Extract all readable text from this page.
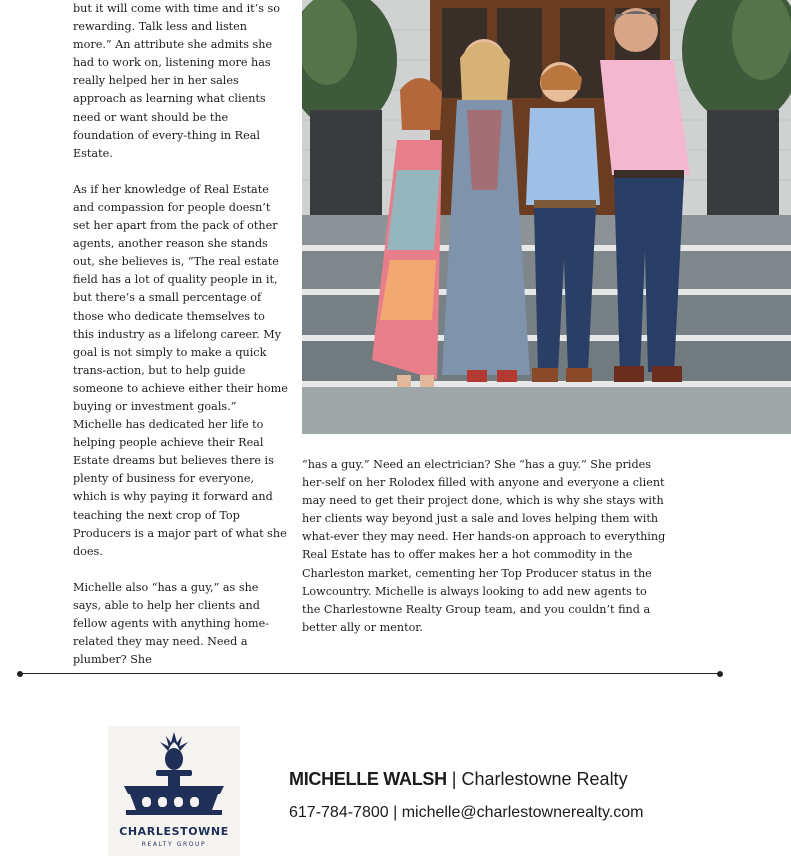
but it will come with time and it’s so rewarding. Talk less and listen more.” An attribute she admits she had to work on, listening more has really helped her in her sales approach as learning what clients need or want should be the foundation of every-thing in Real Estate.

As if her knowledge of Real Estate and compassion for people doesn’t set her apart from the pack of other agents, another reason she stands out, she believes is, “The real estate field has a lot of quality people in it, but there’s a small percentage of those who dedicate themselves to this industry as a lifelong career. My goal is not simply to make a quick trans-action, but to help guide someone to achieve either their home buying or investment goals.” Michelle has dedicated her life to helping people achieve their Real Estate dreams but believes there is plenty of business for everyone, which is why paying it forward and teaching the next crop of Top Producers is a major part of what she does.

Michelle also “has a guy,” as she says, able to help her clients and fellow agents with anything home-related they may need. Need a plumber? She

“has a guy.” Need an electrician? She “has a guy.” She prides her-self on her Rolodex filled with anyone and everyone a client may need to get their project done, which is why she stays with her clients way beyond just a sale and loves helping them with what-ever they may need. Her hands-on approach to everything Real Estate has to offer makes her a hot commodity in the Charleston market, cementing her Top Producer status in the Lowcountry. Michelle is always looking to add new agents to the Charlestowne Realty Group team, and you couldn’t find a better ally or mentor.

CHARLESTOWNE
REALTY GROUP
MICHELLE WALSH | Charlestowne Realty
617-784-7800 | michelle@charlestownerealty.com
